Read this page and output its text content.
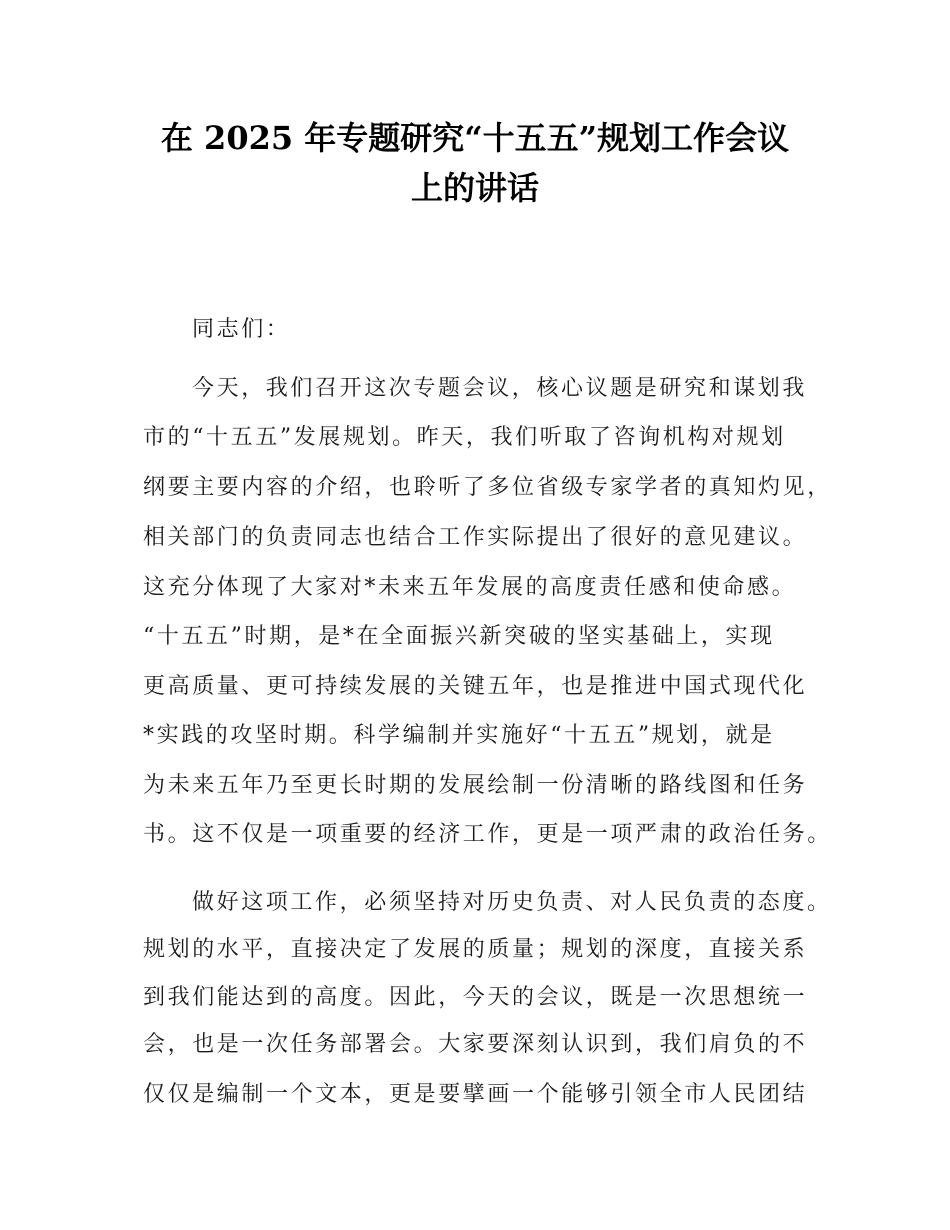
在 2025 年专题研究“十五五”规划工作会议
上的讲话
同志们：
今天，我们召开这次专题会议，核心议题是研究和谋划我
市的“十五五”发展规划。昨天，我们听取了咨询机构对规划
纲要主要内容的介绍，也聆听了多位省级专家学者的真知灼见，
相关部门的负责同志也结合工作实际提出了很好的意见建议。
这充分体现了大家对*未来五年发展的高度责任感和使命感。
“十五五”时期，是*在全面振兴新突破的坚实基础上，实现
更高质量、更可持续发展的关键五年，也是推进中国式现代化
*实践的攻坚时期。科学编制并实施好“十五五”规划，就是
为未来五年乃至更长时期的发展绘制一份清晰的路线图和任务
书。这不仅是一项重要的经济工作，更是一项严肃的政治任务。
做好这项工作，必须坚持对历史负责、对人民负责的态度。
规划的水平，直接决定了发展的质量；规划的深度，直接关系
到我们能达到的高度。因此，今天的会议，既是一次思想统一
会，也是一次任务部署会。大家要深刻认识到，我们肩负的不
仅仅是编制一个文本，更是要擘画一个能够引领全市人民团结
